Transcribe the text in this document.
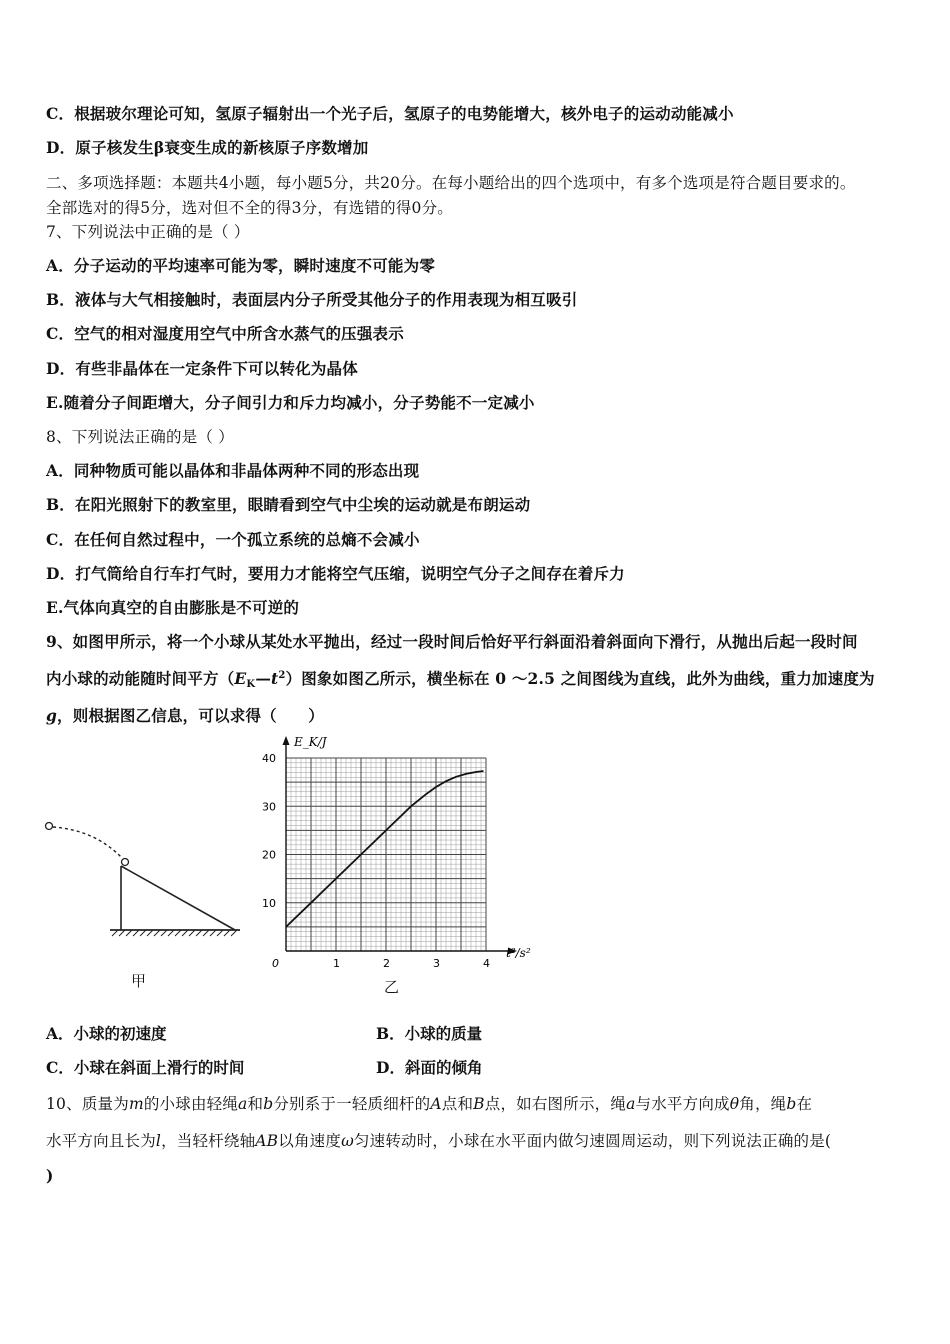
C．根据玻尔理论可知，氢原子辐射出一个光子后，氢原子的电势能增大，核外电子的运动动能减小
D．原子核发生β衰变生成的新核原子序数增加
二、多项选择题：本题共4小题，每小题5分，共20分。在每小题给出的四个选项中，有多个选项是符合题目要求的。
全部选对的得5分，选对但不全的得3分，有选错的得0分。
7、下列说法中正确的是（ ）
A．分子运动的平均速率可能为零，瞬时速度不可能为零
B．液体与大气相接触时，表面层内分子所受其他分子的作用表现为相互吸引
C．空气的相对湿度用空气中所含水蒸气的压强表示
D．有些非晶体在一定条件下可以转化为晶体
E.随着分子间距增大，分子间引力和斥力均减小，分子势能不一定减小
8、下列说法正确的是（ ）
A．同种物质可能以晶体和非晶体两种不同的形态出现
B．在阳光照射下的教室里，眼睛看到空气中尘埃的运动就是布朗运动
C．在任何自然过程中，一个孤立系统的总熵不会减小
D．打气筒给自行车打气时，要用力才能将空气压缩，说明空气分子之间存在着斥力
E.气体向真空的自由膨胀是不可逆的
9、如图甲所示，将一个小球从某处水平抛出，经过一段时间后恰好平行斜面沿着斜面向下滑行，从抛出后起一段时间
内小球的动能随时间平方$(E_K—t^2)$图象如图乙所示，横坐标在 0 ～2.5 之间图线为直线，此外为曲线，重力加速度为
g，则根据图乙信息，可以求得（　　）
甲
0	1	2	3	4
10
20
30
40
E_K/J
t²/s²
乙
A．小球的初速度	B．小球的质量
C．小球在斜面上滑行的时间	D．斜面的倾角
10、质量为m的小球由轻绳a和b分别系于一轻质细杆的A点和B点，如右图所示，绳a与水平方向成θ角，绳b在
水平方向且长为l，当轻杆绕轴AB以角速度ω匀速转动时，小球在水平面内做匀速圆周运动，则下列说法正确的是(
)
